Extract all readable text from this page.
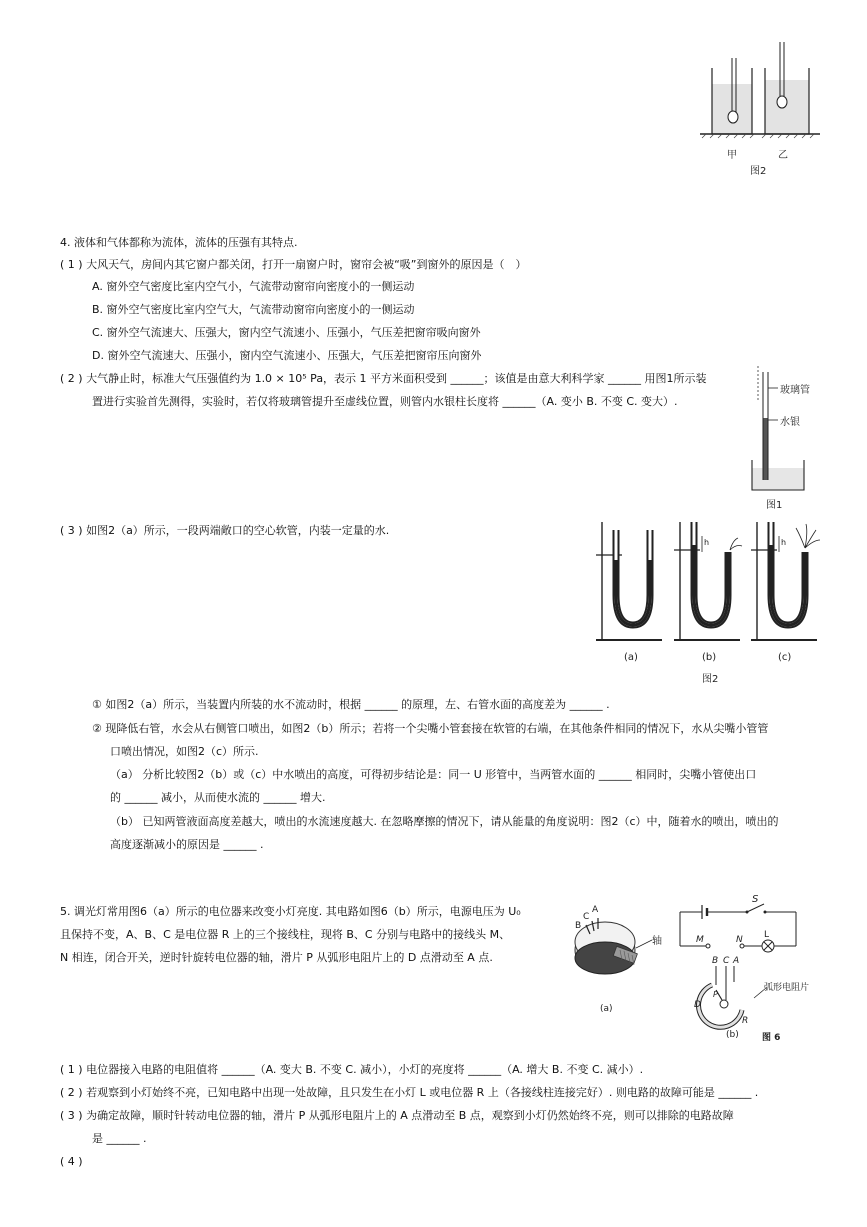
甲	乙
图2
4. 液体和气体都称为流体，流体的压强有其特点.
( 1 ) 大风天气，房间内其它窗户都关闭，打开一扇窗户时，窗帘会被“吸”到窗外的原因是（　）
A. 窗外空气密度比室内空气小，气流带动窗帘向密度小的一侧运动
B. 窗外空气密度比室内空气大，气流带动窗帘向密度小的一侧运动
C. 窗外空气流速大、压强大，窗内空气流速小、压强小，气压差把窗帘吸向窗外
D. 窗外空气流速大、压强小，窗内空气流速小、压强大，气压差把窗帘压向窗外
( 2 ) 大气静止时，标准大气压强值约为 1.0 × 10⁵ Pa，表示 1 平方米面积受到 ______；该值是由意大利科学家 ______ 用图1所示装
置进行实验首先测得，实验时，若仅将玻璃管提升至虚线位置，则管内水银柱长度将 ______（A. 变小 B. 不变 C. 变大）.
玻璃管
水银
图1
( 3 ) 如图2（a）所示，一段两端敞口的空心软管，内装一定量的水.
h	h
(a)	(b)	(c)
图2
① 如图2（a）所示，当装置内所装的水不流动时，根据 ______ 的原理，左、右管水面的高度差为 ______ .
② 现降低右管，水会从右侧管口喷出，如图2（b）所示；若将一个尖嘴小管套接在软管的右端，在其他条件相同的情况下，水从尖嘴小管管
口喷出情况，如图2（c）所示.
（a） 分析比较图2（b）或（c）中水喷出的高度，可得初步结论是：同一 U 形管中，当两管水面的 ______ 相同时，尖嘴小管使出口
的 ______ 减小，从而使水流的 ______ 增大.
（b） 已知两管液面高度差越大，喷出的水流速度越大. 在忽略摩擦的情况下，请从能量的角度说明：图2（c）中，随着水的喷出，喷出的
高度逐渐减小的原因是 ______ .
5. 调光灯常用图6（a）所示的电位器来改变小灯亮度. 其电路如图6（b）所示，电源电压为 U₀
且保持不变，A、B、C 是电位器 R 上的三个接线柱，现将 B、C 分别与电路中的接线头 M、
N 相连，闭合开关，逆时针旋转电位器的轴，滑片 P 从弧形电阻片上的 D 点滑动至 A 点.
A
C
B
轴
(a)
S
M	N L
B C A
D
P
R
弧形电阻片
(b)	图 6
( 1 ) 电位器接入电路的电阻值将 ______（A. 变大 B. 不变 C. 减小），小灯的亮度将 ______（A. 增大 B. 不变 C. 减小）.
( 2 ) 若观察到小灯始终不亮，已知电路中出现一处故障，且只发生在小灯 L 或电位器 R 上（各接线柱连接完好）. 则电路的故障可能是 ______ .
( 3 ) 为确定故障，顺时针转动电位器的轴，滑片 P 从弧形电阻片上的 A 点滑动至 B 点，观察到小灯仍然始终不亮，则可以排除的电路故障
是 ______ .
( 4 )
